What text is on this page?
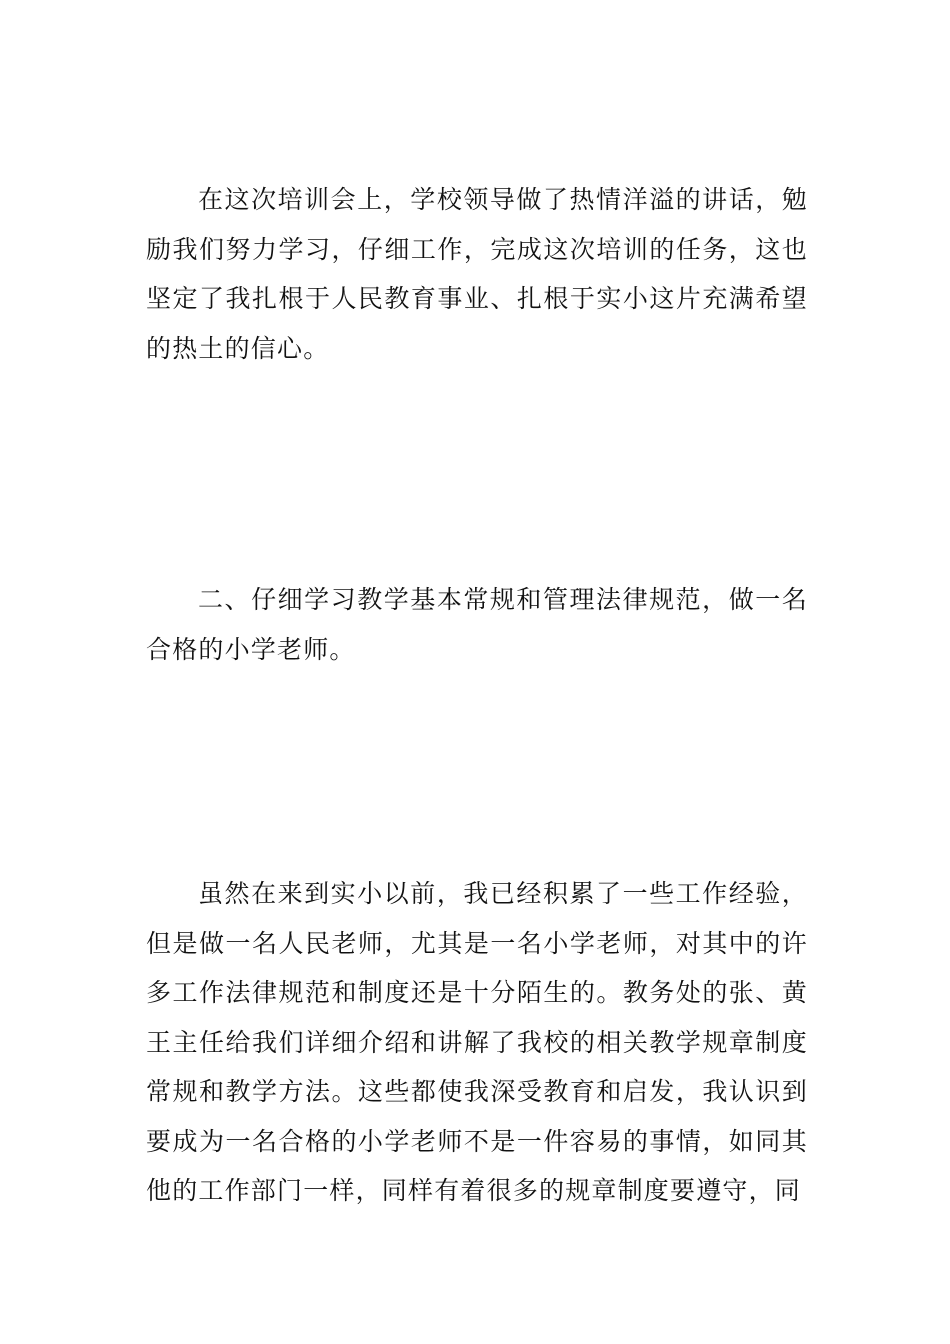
在这次培训会上，学校领导做了热情洋溢的讲话，勉励我们努力学习，仔细工作，完成这次培训的任务，这也坚定了我扎根于人民教育事业、扎根于实小这片充满希望的热土的信心。

二、仔细学习教学基本常规和管理法律规范，做一名合格的小学老师。

虽然在来到实小以前，我已经积累了一些工作经验，但是做一名人民老师，尤其是一名小学老师，对其中的许多工作法律规范和制度还是十分陌生的。教务处的张、黄王主任给我们详细介绍和讲解了我校的相关教学规章制度常规和教学方法。这些都使我深受教育和启发，我认识到要成为一名合格的小学老师不是一件容易的事情，如同其他的工作部门一样，同样有着很多的规章制度要遵守，同
